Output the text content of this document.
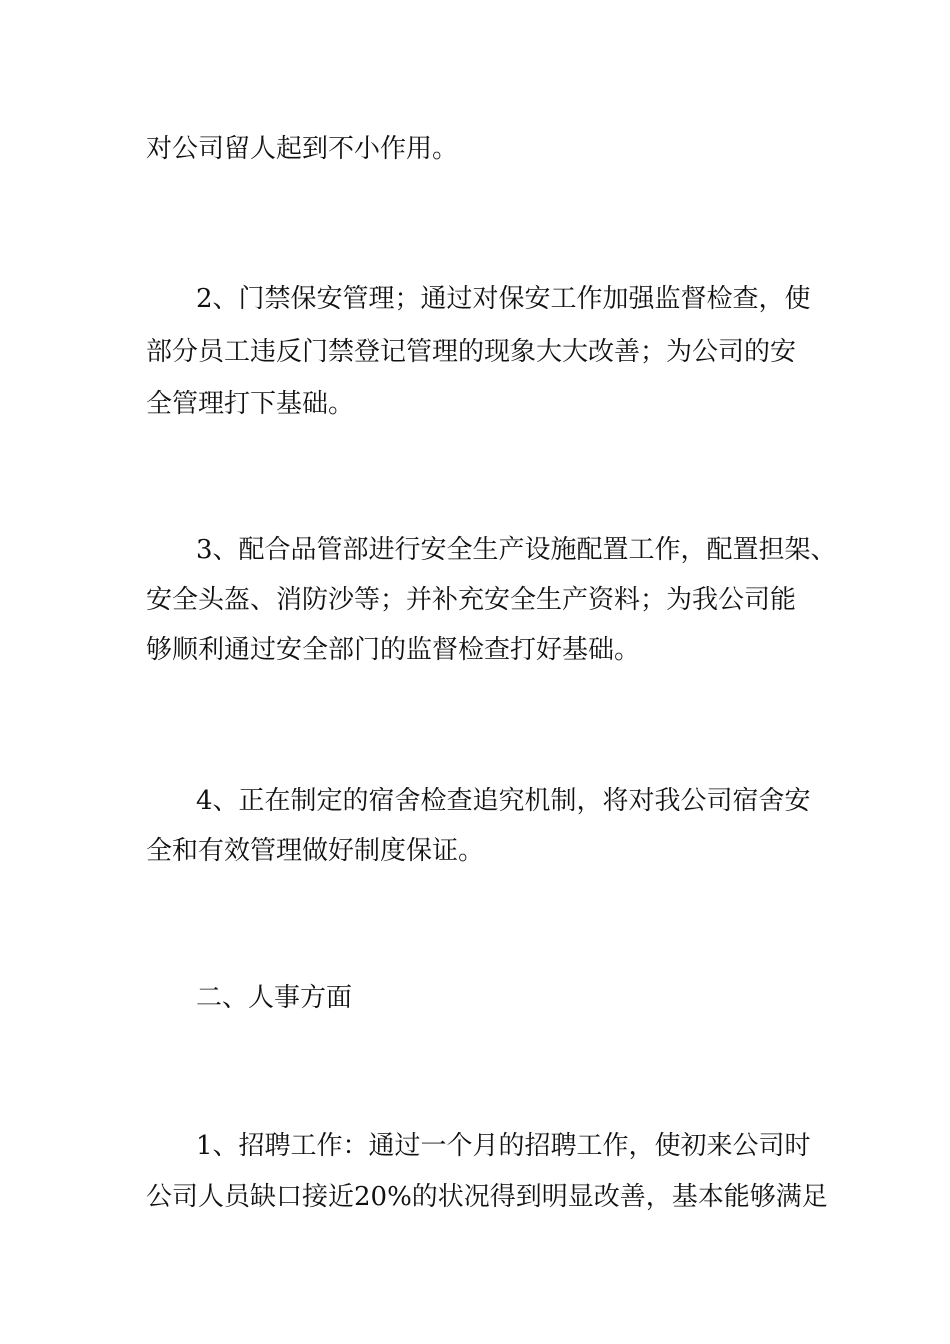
对公司留人起到不小作用。
2、门禁保安管理；通过对保安工作加强监督检查，使
部分员工违反门禁登记管理的现象大大改善；为公司的安
全管理打下基础。
3、配合品管部进行安全生产设施配置工作，配置担架、
安全头盔、消防沙等；并补充安全生产资料；为我公司能
够顺利通过安全部门的监督检查打好基础。
4、正在制定的宿舍检查追究机制，将对我公司宿舍安
全和有效管理做好制度保证。
二、人事方面
1、招聘工作：通过一个月的招聘工作，使初来公司时
公司人员缺口接近20%的状况得到明显改善，基本能够满足
